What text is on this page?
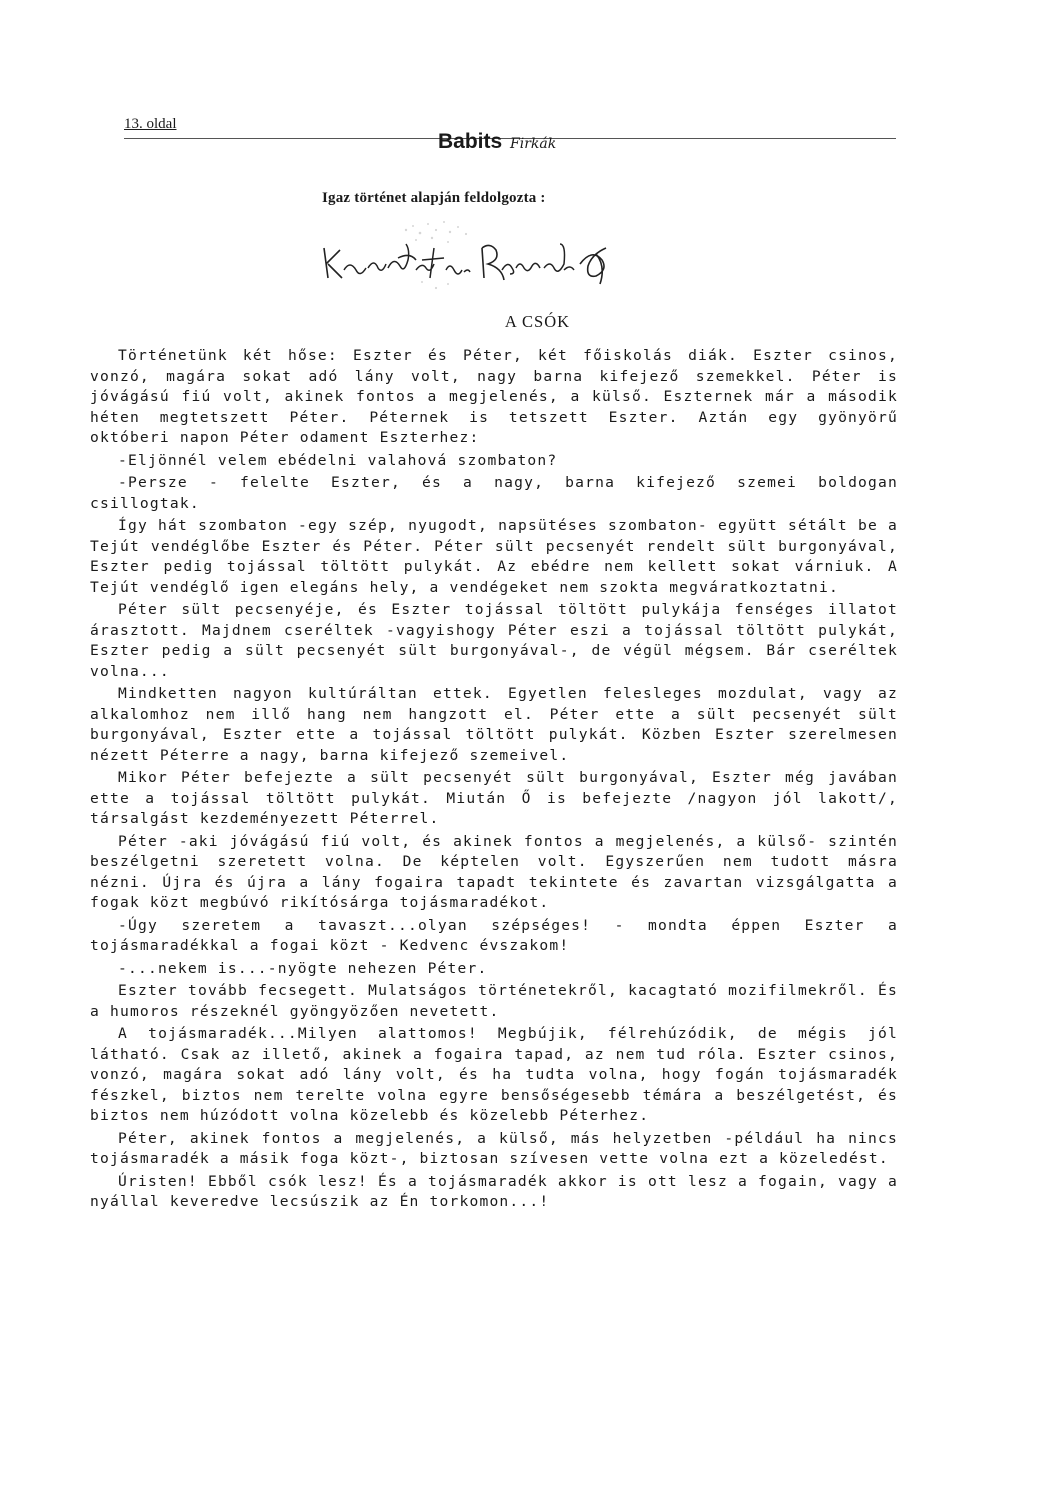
13. oldal
Babits Firkák
Igaz történet alapján feldolgozta :
A CSÓK

Történetünk két hőse: Eszter és Péter, két főiskolás diák. Eszter csinos, vonzó, magára sokat adó lány volt, nagy barna kifejező szemekkel. Péter is jóvágású fiú volt, akinek fontos a megjelenés, a külső. Eszternek már a második héten megtetszett Péter. Péternek is tetszett Eszter. Aztán egy gyönyörű októberi napon Péter odament Eszterhez:

-Eljönnél velem ebédelni valahová szombaton?

-Persze - felelte Eszter, és a nagy, barna kifejező szemei boldogan csillogtak.

Így hát szombaton -egy szép, nyugodt, napsütéses szombaton- együtt sétált be a Tejút vendéglőbe Eszter és Péter. Péter sült pecsenyét rendelt sült burgonyával, Eszter pedig tojással töltött pulykát. Az ebédre nem kellett sokat várniuk. A Tejút vendéglő igen elegáns hely, a vendégeket nem szokta megváratkoztatni.

Péter sült pecsenyéje, és Eszter tojással töltött pulykája fenséges illatot árasztott. Majdnem cseréltek -vagyishogy Péter eszi a tojással töltött pulykát, Eszter pedig a sült pecsenyét sült burgonyával-, de végül mégsem. Bár cseréltek volna...

Mindketten nagyon kultúráltan ettek. Egyetlen felesleges mozdulat, vagy az alkalomhoz nem illő hang nem hangzott el. Péter ette a sült pecsenyét sült burgonyával, Eszter ette a tojással töltött pulykát. Közben Eszter szerelmesen nézett Péterre a nagy, barna kifejező szemeivel.

Mikor Péter befejezte a sült pecsenyét sült burgonyával, Eszter még javában ette a tojással töltött pulykát. Miután Ő is befejezte /nagyon jól lakott/, társalgást kezdeményezett Péterrel.

Péter -aki jóvágású fiú volt, és akinek fontos a megjelenés, a külső- szintén beszélgetni szeretett volna. De képtelen volt. Egyszerűen nem tudott másra nézni. Újra és újra a lány fogaira tapadt tekintete és zavartan vizsgálgatta a fogak közt megbúvó rikítósárga tojásmaradékot.

-Úgy szeretem a tavaszt...olyan szépséges! - mondta éppen Eszter a tojásmaradékkal a fogai közt - Kedvenc évszakom!

-...nekem is...-nyögte nehezen Péter.

Eszter tovább fecsegett. Mulatságos történetekről, kacagtató mozifilmekről. És a humoros részeknél gyöngyözően nevetett.

A tojásmaradék...Milyen alattomos! Megbújik, félrehúzódik, de mégis jól látható. Csak az illető, akinek a fogaira tapad, az nem tud róla. Eszter csinos, vonzó, magára sokat adó lány volt, és ha tudta volna, hogy fogán tojásmaradék fészkel, biztos nem terelte volna egyre bensőségesebb témára a beszélgetést, és biztos nem húzódott volna közelebb és közelebb Péterhez.

Péter, akinek fontos a megjelenés, a külső, más helyzetben -például ha nincs tojásmaradék a másik foga közt-, biztosan szívesen vette volna ezt a közeledést.

Úristen! Ebből csók lesz! És a tojásmaradék akkor is ott lesz a fogain, vagy a nyállal keveredve lecsúszik az Én torkomon...!
